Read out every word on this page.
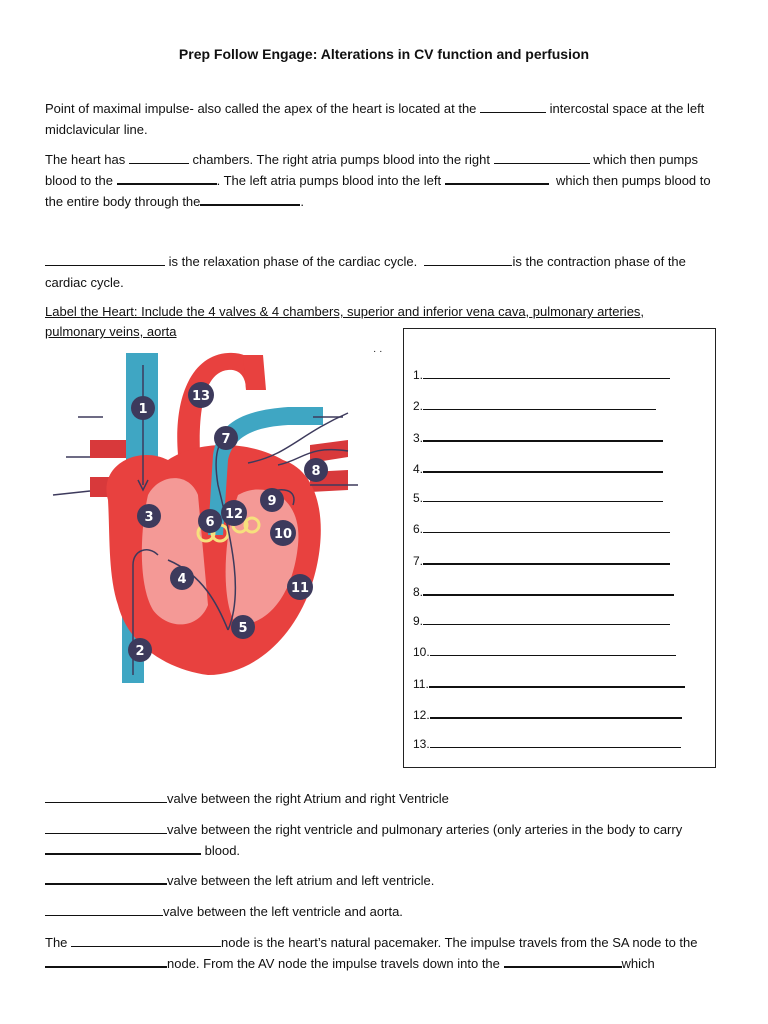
Prep Follow Engage: Alterations in CV function and perfusion
Point of maximal impulse- also called the apex of the heart is located at the	intercostal space at the left midclavicular line.
The heart has	chambers. The right atria pumps blood into the right	which then pumps blood to the	. The left atria pumps blood into the left	which then pumps blood to the entire body through the	.
is the relaxation phase of the cardiac cycle.	is the contraction phase of the cardiac cycle.
Label the Heart: Include the 4 valves & 4 chambers, superior and inferior vena cava, pulmonary arteries, pulmonary veins, aorta
· ·
1
2
3
4
5
6
7
8
9
10
11
12
13
1.
2.
3.
4.
5.
6.
7.
8.
9.
10.
11.
12.
13.
valve between the right Atrium and right Ventricle
valve between the right ventricle and pulmonary arteries (only arteries in the body to carry  blood.
valve between the left atrium and left ventricle.
valve between the left ventricle and aorta.
The	node is the heart’s natural pacemaker. The impulse travels from the SA node to the node. From the AV node the impulse travels down into the	which
